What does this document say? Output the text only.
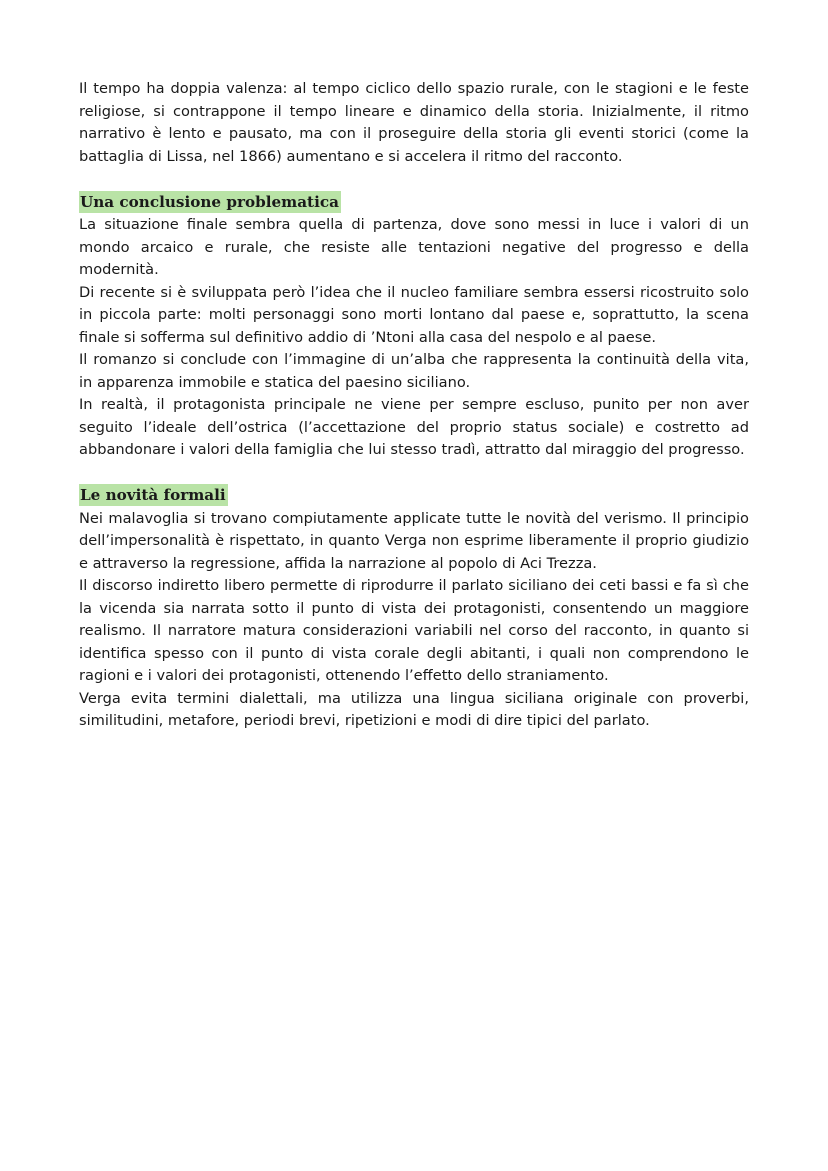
Il tempo ha doppia valenza: al tempo ciclico dello spazio rurale, con le stagioni e le feste religiose, si contrappone il tempo lineare e dinamico della storia. Inizialmente, il ritmo narrativo è lento e pausato, ma con il proseguire della storia gli eventi storici (come la battaglia di Lissa, nel 1866) aumentano e si accelera il ritmo del racconto.

Una conclusione problematica

La situazione finale sembra quella di partenza, dove sono messi in luce i valori di un mondo arcaico e rurale, che resiste alle tentazioni negative del progresso e della modernità.

Di recente si è sviluppata però l’idea che il nucleo familiare sembra essersi ricostruito solo in piccola parte: molti personaggi sono morti lontano dal paese e, soprattutto, la scena finale si sofferma sul definitivo addio di ’Ntoni alla casa del nespolo e al paese.

Il romanzo si conclude con l’immagine di un’alba che rappresenta la continuità della vita, in apparenza immobile e statica del paesino siciliano.

In realtà, il protagonista principale ne viene per sempre escluso, punito per non aver seguito l’ideale dell’ostrica (l’accettazione del proprio status sociale) e costretto ad abbandonare i valori della famiglia che lui stesso tradì, attratto dal miraggio del progresso.

Le novità formali

Nei malavoglia si trovano compiutamente applicate tutte le novità del verismo. Il principio dell’impersonalità è rispettato, in quanto Verga non esprime liberamente il proprio giudizio e attraverso la regressione, affida la narrazione al popolo di Aci Trezza.

Il discorso indiretto libero permette di riprodurre il parlato siciliano dei ceti bassi e fa sì che la vicenda sia narrata sotto il punto di vista dei protagonisti, consentendo un maggiore realismo. Il narratore matura considerazioni variabili nel corso del racconto, in quanto si identifica spesso con il punto di vista corale degli abitanti, i quali non comprendono le ragioni e i valori dei protagonisti, ottenendo l’effetto dello straniamento.

Verga evita termini dialettali, ma utilizza una lingua siciliana originale con proverbi, similitudini, metafore, periodi brevi, ripetizioni e modi di dire tipici del parlato.
